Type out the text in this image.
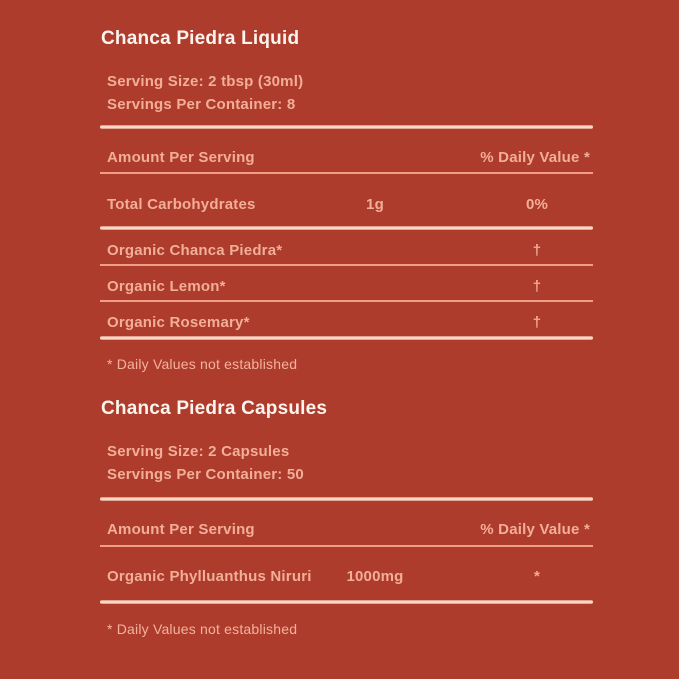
Chanca Piedra Liquid
Serving Size: 2 tbsp (30ml)
Servings Per Container: 8
Amount Per Serving	% Daily Value *
Total Carbohydrates	1g	0%
Organic Chanca Piedra*	†
Organic Lemon*	†
Organic Rosemary*	†
* Daily Values not established
Chanca Piedra Capsules
Serving Size: 2 Capsules
Servings Per Container: 50
Amount Per Serving	% Daily Value *
Organic Phylluanthus Niruri	1000mg	*
* Daily Values not established
